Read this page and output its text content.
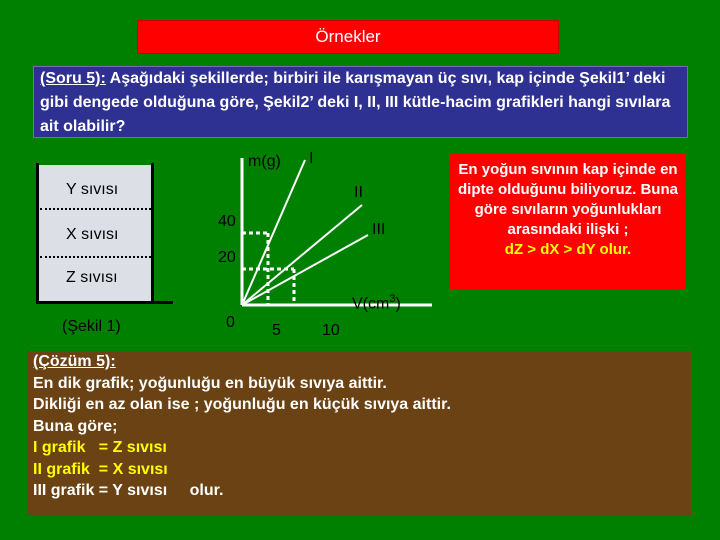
Örnekler
(Soru 5): Aşağıdaki şekillerde; birbiri ile karışmayan üç sıvı, kap içinde Şekil1’ deki gibi dengede olduğuna göre, Şekil2’ deki I, II, III kütle-hacim grafikleri hangi sıvılara ait olabilir?
Y sıvısı
X sıvısı
Z sıvısı
(Şekil 1)
m(g)
$V(cm^3)$
0
40
20
5	10
I
II
III
En yoğun sıvının kap içinde en dipte olduğunu biliyoruz. Buna göre sıvıların yoğunlukları arasındaki ilişki ;
dZ > dX > dY olur.
(Çözüm 5):
En dik grafik; yoğunluğu en büyük sıvıya aittir.
Dikliği en az olan ise ; yoğunluğu en küçük sıvıya aittir.
Buna göre;
I grafik   = Z sıvısı
II grafik  = X sıvısı
III grafik = Y sıvısı olur.
